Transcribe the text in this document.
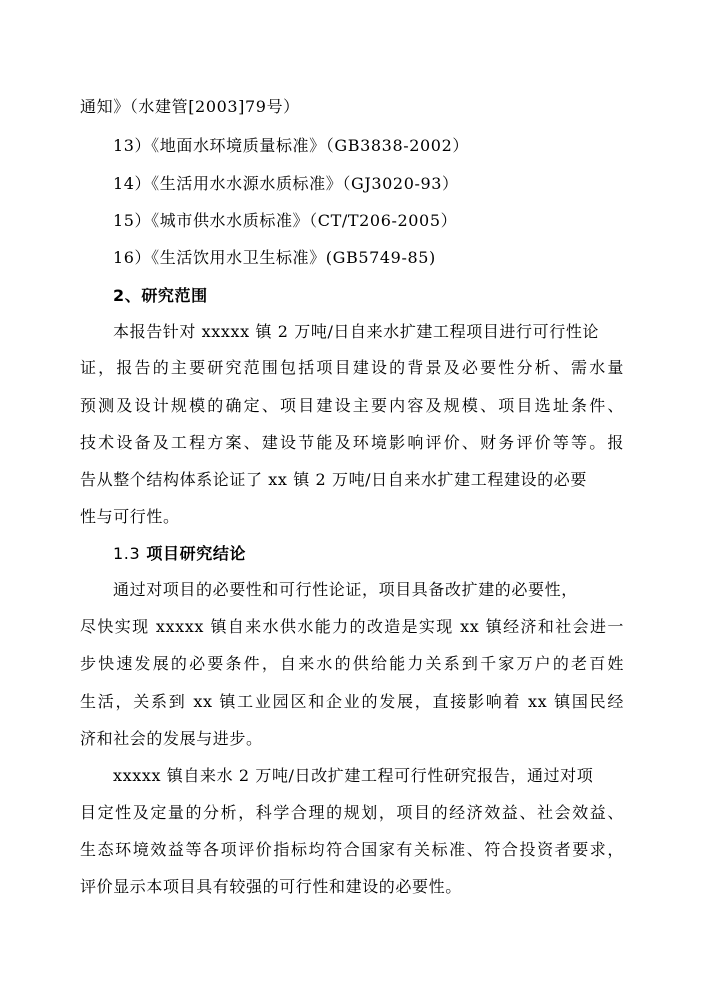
通知》（水建管[2003]79号）
13）《地面水环境质量标准》（GB3838-2002）
14）《生活用水水源水质标准》（GJ3020-93）
15）《城市供水水质标准》（CT/T206-2005）
16）《生活饮用水卫生标准》(GB5749-85)
2、研究范围
本报告针对 xxxxx 镇 2 万吨/日自来水扩建工程项目进行可行性论
证，报告的主要研究范围包括项目建设的背景及必要性分析、需水量
预测及设计规模的确定、项目建设主要内容及规模、项目选址条件、
技术设备及工程方案、建设节能及环境影响评价、财务评价等等。报
告从整个结构体系论证了 xx 镇 2 万吨/日自来水扩建工程建设的必要
性与可行性。
1.3 项目研究结论
通过对项目的必要性和可行性论证，项目具备改扩建的必要性，
尽快实现 xxxxx 镇自来水供水能力的改造是实现 xx 镇经济和社会进一
步快速发展的必要条件，自来水的供给能力关系到千家万户的老百姓
生活，关系到 xx 镇工业园区和企业的发展，直接影响着 xx 镇国民经
济和社会的发展与进步。
xxxxx 镇自来水 2 万吨/日改扩建工程可行性研究报告，通过对项
目定性及定量的分析，科学合理的规划，项目的经济效益、社会效益、
生态环境效益等各项评价指标均符合国家有关标准、符合投资者要求，
评价显示本项目具有较强的可行性和建设的必要性。
